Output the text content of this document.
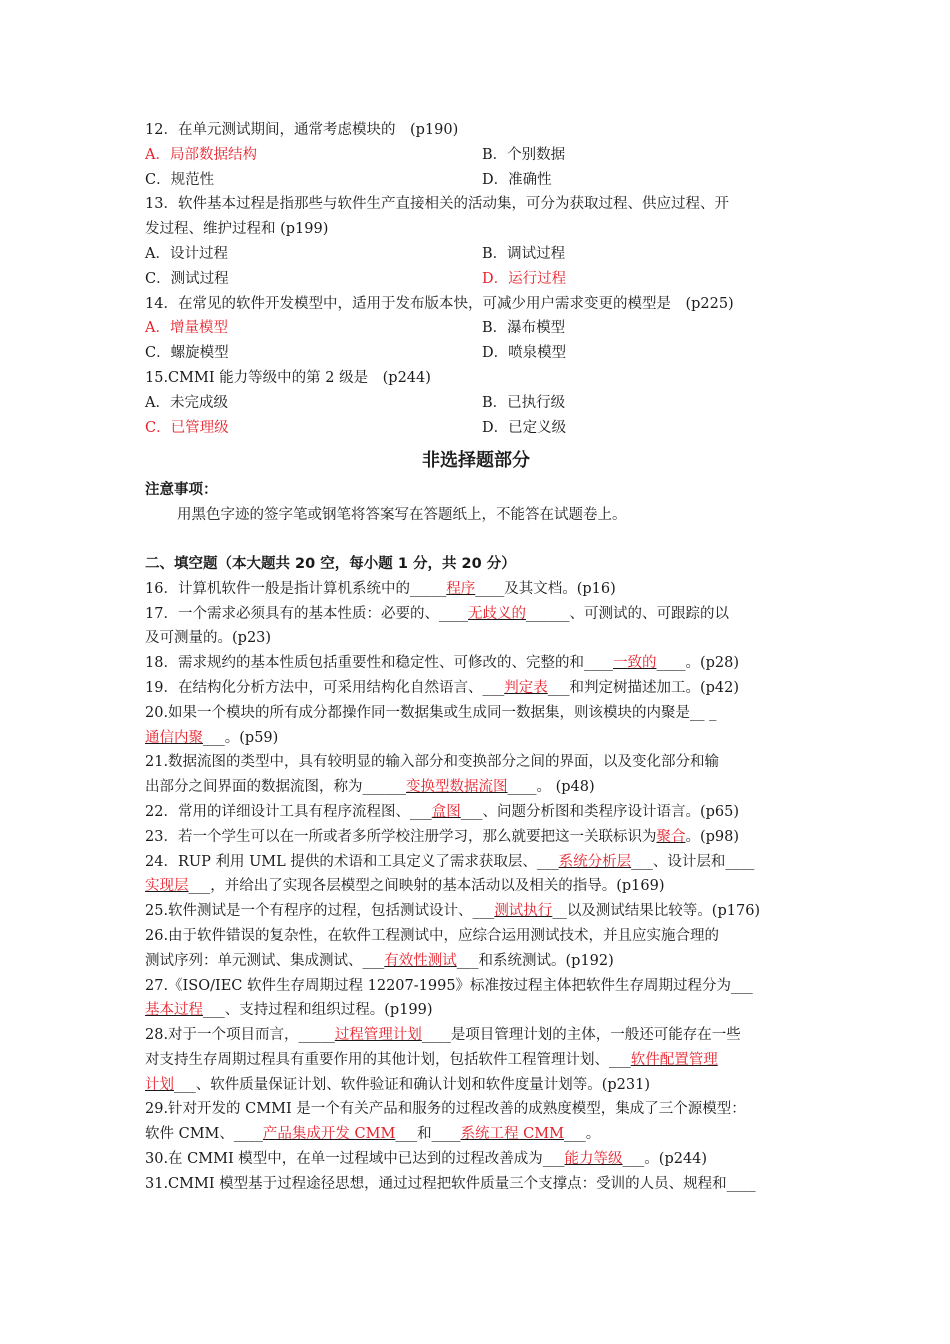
12．在单元测试期间，通常考虑模块的　(p190)
A．局部数据结构	B．个别数据
C．规范性	D．准确性
13．软件基本过程是指那些与软件生产直接相关的活动集，可分为获取过程、供应过程、开
发过程、维护过程和 (p199)
A．设计过程	B．调试过程
C．测试过程	D．运行过程
14．在常见的软件开发模型中，适用于发布版本快，可减少用户需求变更的模型是　(p225)
A．增量模型	B．瀑布模型
C．螺旋模型	D．喷泉模型
15.CMMI 能力等级中的第 2 级是　(p244)
A．未完成级	B．已执行级
C．已管理级	D．已定义级
非选择题部分
注意事项：
用黑色字迹的签字笔或钢笔将答案写在答题纸上，不能答在试题卷上。
二、填空题（本大题共 20 空，每小题 1 分，共 20 分）
16．计算机软件一般是指计算机系统中的_____程序____及其文档。(p16)
17．一个需求必须具有的基本性质：必要的、____无歧义的______、可测试的、可跟踪的以
及可测量的。(p23)
18．需求规约的基本性质包括重要性和稳定性、可修改的、完整的和____一致的____。(p28)
19．在结构化分析方法中，可采用结构化自然语言、___判定表___和判定树描述加工。(p42)
20.如果一个模块的所有成分都操作同一数据集或生成同一数据集，则该模块的内聚是__ _
通信内聚___。(p59)
21.数据流图的类型中，具有较明显的输入部分和变换部分之间的界面，以及变化部分和输
出部分之间界面的数据流图，称为______变换型数据流图____。 (p48)
22．常用的详细设计工具有程序流程图、___盒图___、问题分析图和类程序设计语言。(p65)
23．若一个学生可以在一所或者多所学校注册学习，那么就要把这一关联标识为聚合。(p98)
24．RUP 利用 UML 提供的术语和工具定义了需求获取层、___系统分析层___、设计层和____
实现层___，并给出了实现各层模型之间映射的基本活动以及相关的指导。(p169)
25.软件测试是一个有程序的过程，包括测试设计、___测试执行__以及测试结果比较等。(p176)
26.由于软件错误的复杂性，在软件工程测试中，应综合运用测试技术，并且应实施合理的
测试序列：单元测试、集成测试、___有效性测试___和系统测试。(p192)
27.《ISO/IEC 软件生存周期过程 12207-1995》标准按过程主体把软件生存周期过程分为___
基本过程___、支持过程和组织过程。(p199)
28.对于一个项目而言，_____过程管理计划____是项目管理计划的主体，一般还可能存在一些
对支持生存周期过程具有重要作用的其他计划，包括软件工程管理计划、___软件配置管理
计划___、软件质量保证计划、软件验证和确认计划和软件度量计划等。(p231)
29.针对开发的 CMMI 是一个有关产品和服务的过程改善的成熟度模型，集成了三个源模型：
软件 CMM、____产品集成开发 CMM___和____系统工程 CMM___。
30.在 CMMI 模型中，在单一过程域中已达到的过程改善成为___能力等级___。(p244)
31.CMMI 模型基于过程途径思想，通过过程把软件质量三个支撑点：受训的人员、规程和____
